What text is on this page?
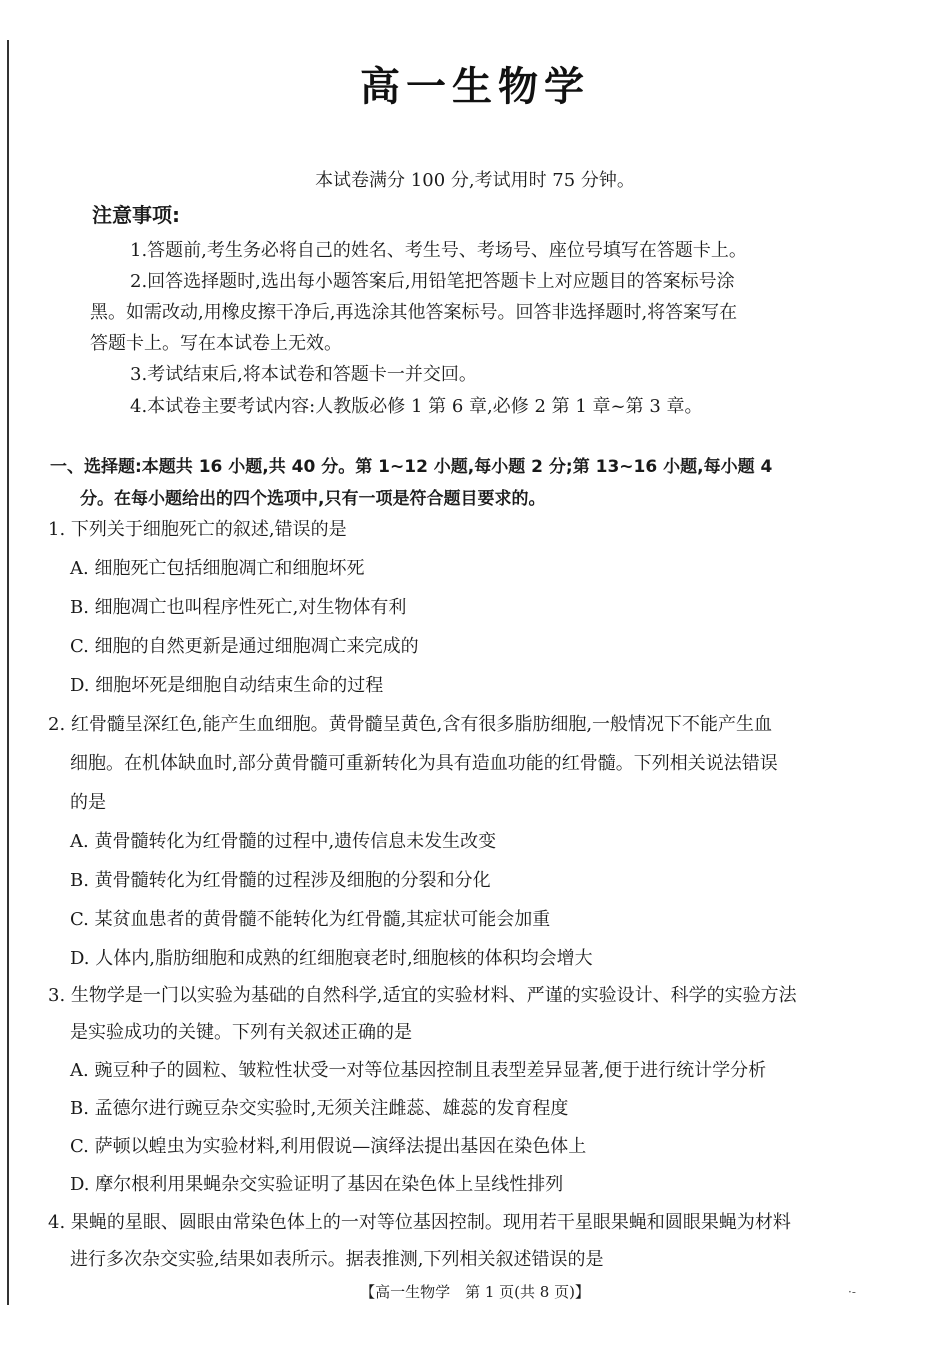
高一生物学
本试卷满分 100 分,考试用时 75 分钟。
注意事项:
1.答题前,考生务必将自己的姓名、考生号、考场号、座位号填写在答题卡上。
2.回答选择题时,选出每小题答案后,用铅笔把答题卡上对应题目的答案标号涂
黑。如需改动,用橡皮擦干净后,再选涂其他答案标号。回答非选择题时,将答案写在
答题卡上。写在本试卷上无效。
3.考试结束后,将本试卷和答题卡一并交回。
4.本试卷主要考试内容:人教版必修 1 第 6 章,必修 2 第 1 章~第 3 章。
一、选择题:本题共 16 小题,共 40 分。第 1~12 小题,每小题 2 分;第 13~16 小题,每小题 4
分。在每小题给出的四个选项中,只有一项是符合题目要求的。
1. 下列关于细胞死亡的叙述,错误的是
A. 细胞死亡包括细胞凋亡和细胞坏死
B. 细胞凋亡也叫程序性死亡,对生物体有利
C. 细胞的自然更新是通过细胞凋亡来完成的
D. 细胞坏死是细胞自动结束生命的过程
2. 红骨髓呈深红色,能产生血细胞。黄骨髓呈黄色,含有很多脂肪细胞,一般情况下不能产生血
细胞。在机体缺血时,部分黄骨髓可重新转化为具有造血功能的红骨髓。下列相关说法错误
的是
A. 黄骨髓转化为红骨髓的过程中,遗传信息未发生改变
B. 黄骨髓转化为红骨髓的过程涉及细胞的分裂和分化
C. 某贫血患者的黄骨髓不能转化为红骨髓,其症状可能会加重
D. 人体内,脂肪细胞和成熟的红细胞衰老时,细胞核的体积均会增大
3. 生物学是一门以实验为基础的自然科学,适宜的实验材料、严谨的实验设计、科学的实验方法
是实验成功的关键。下列有关叙述正确的是
A. 豌豆种子的圆粒、皱粒性状受一对等位基因控制且表型差异显著,便于进行统计学分析
B. 孟德尔进行豌豆杂交实验时,无须关注雌蕊、雄蕊的发育程度
C. 萨顿以蝗虫为实验材料,利用假说—演绎法提出基因在染色体上
D. 摩尔根利用果蝇杂交实验证明了基因在染色体上呈线性排列
4. 果蝇的星眼、圆眼由常染色体上的一对等位基因控制。现用若干星眼果蝇和圆眼果蝇为材料
进行多次杂交实验,结果如表所示。据表推测,下列相关叙述错误的是
【高一生物学　第 1 页(共 8 页)】	·-
